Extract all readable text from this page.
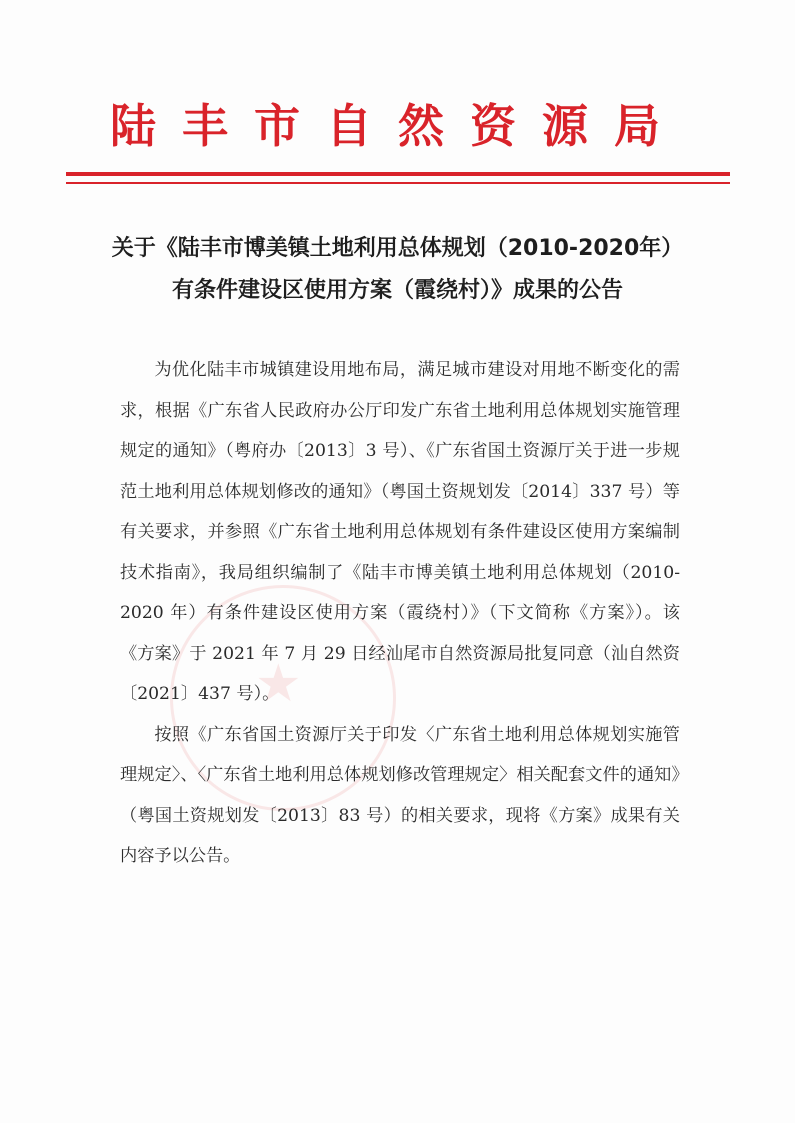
陆丰市自然资源局
关于《陆丰市博美镇土地利用总体规划（2010-2020年）
有条件建设区使用方案（霞绕村）》成果的公告
★

为优化陆丰市城镇建设用地布局，满足城市建设对用地不断变化的需求，根据《广东省人民政府办公厅印发广东省土地利用总体规划实施管理规定的通知》（粤府办〔2013〕3 号）、《广东省国土资源厅关于进一步规范土地利用总体规划修改的通知》（粤国土资规划发〔2014〕337 号）等有关要求，并参照《广东省土地利用总体规划有条件建设区使用方案编制技术指南》，我局组织编制了《陆丰市博美镇土地利用总体规划（2010-2020 年）有条件建设区使用方案（霞绕村）》（下文简称《方案》）。该《方案》于 2021 年 7 月 29 日经汕尾市自然资源局批复同意（汕自然资〔2021〕437 号）。

按照《广东省国土资源厅关于印发〈广东省土地利用总体规划实施管理规定〉、〈广东省土地利用总体规划修改管理规定〉相关配套文件的通知》（粤国土资规划发〔2013〕83 号）的相关要求，现将《方案》成果有关内容予以公告。
